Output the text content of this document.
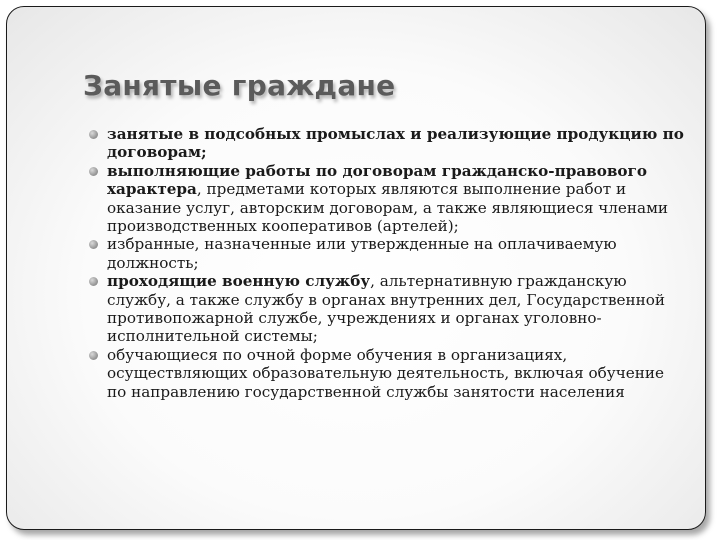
Занятые граждане
занятые в подсобных промыслах и реализующие продукцию по договорам;
выполняющие работы по договорам гражданско-правового характера, предметами которых являются выполнение работ и оказание услуг, авторским договорам, а также являющиеся членами производственных кооперативов (артелей);
избранные, назначенные или утвержденные на оплачиваемую должность;
проходящие военную службу, альтернативную гражданскую службу, а также службу в органах внутренних дел, Государственной противопожарной службе, учреждениях и органах уголовно-исполнительной системы;
обучающиеся по очной форме обучения в организациях, осуществляющих образовательную деятельность, включая обучение по направлению государственной службы занятости населения
